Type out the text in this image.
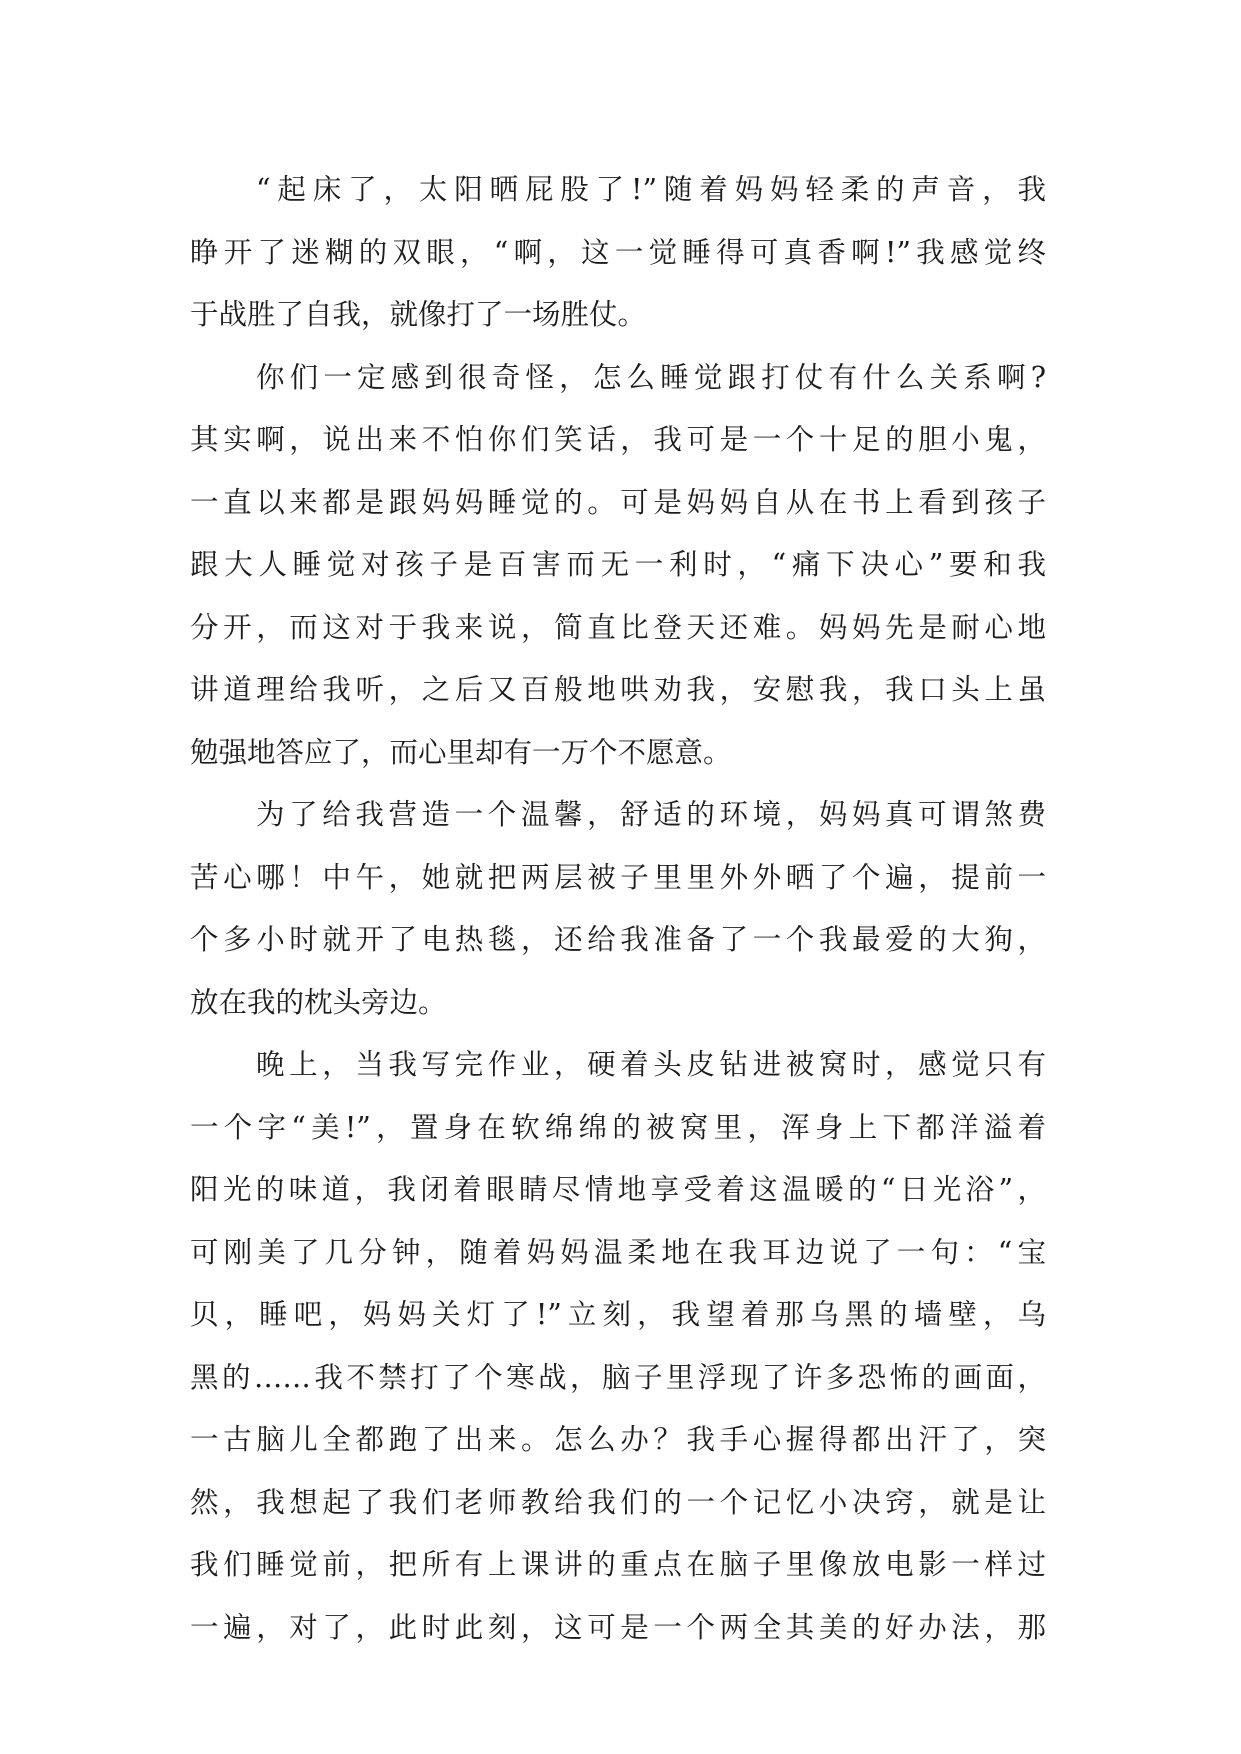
“起床了，太阳晒屁股了!”随着妈妈轻柔的声音，我
睁开了迷糊的双眼，“啊，这一觉睡得可真香啊!”我感觉终
于战胜了自我，就像打了一场胜仗。
你们一定感到很奇怪，怎么睡觉跟打仗有什么关系啊?
其实啊，说出来不怕你们笑话，我可是一个十足的胆小鬼，
一直以来都是跟妈妈睡觉的。可是妈妈自从在书上看到孩子
跟大人睡觉对孩子是百害而无一利时，“痛下决心”要和我
分开，而这对于我来说，简直比登天还难。妈妈先是耐心地
讲道理给我听，之后又百般地哄劝我，安慰我，我口头上虽
勉强地答应了，而心里却有一万个不愿意。
为了给我营造一个温馨，舒适的环境，妈妈真可谓煞费
苦心哪！中午，她就把两层被子里里外外晒了个遍，提前一
个多小时就开了电热毯，还给我准备了一个我最爱的大狗，
放在我的枕头旁边。
晚上，当我写完作业，硬着头皮钻进被窝时，感觉只有
一个字“美!”，置身在软绵绵的被窝里，浑身上下都洋溢着
阳光的味道，我闭着眼睛尽情地享受着这温暖的“日光浴”，
可刚美了几分钟，随着妈妈温柔地在我耳边说了一句：“宝
贝，睡吧，妈妈关灯了!”立刻，我望着那乌黑的墙壁，乌
黑的……我不禁打了个寒战，脑子里浮现了许多恐怖的画面，
一古脑儿全都跑了出来。怎么办？我手心握得都出汗了，突
然，我想起了我们老师教给我们的一个记忆小决窍，就是让
我们睡觉前，把所有上课讲的重点在脑子里像放电影一样过
一遍，对了，此时此刻，这可是一个两全其美的好办法，那
